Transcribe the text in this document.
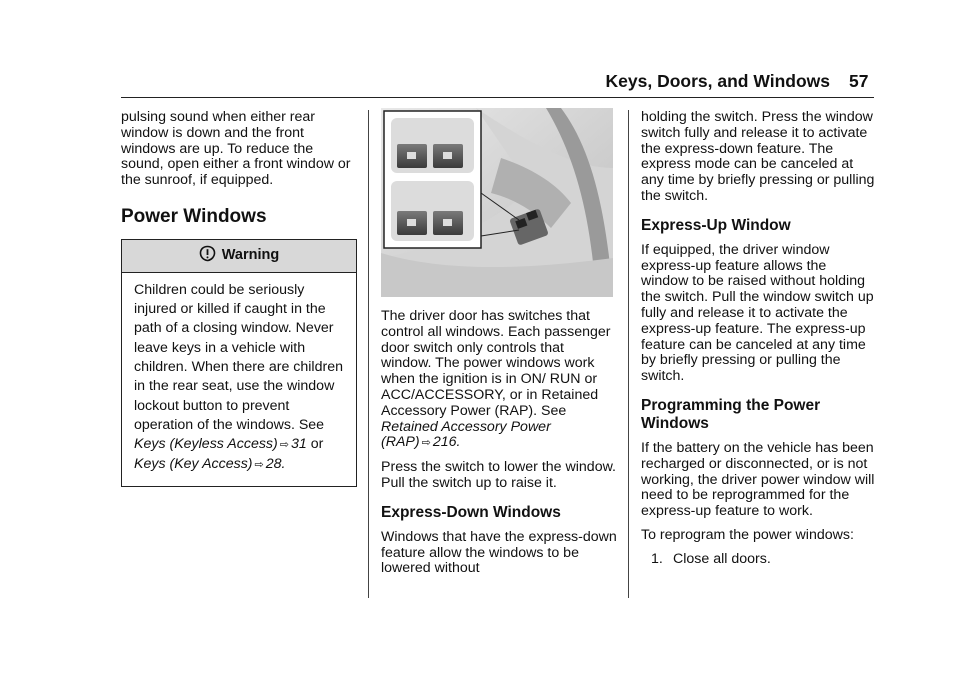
Keys, Doors, and Windows 57

pulsing sound when either rear window is down and the front windows are up. To reduce the sound, open either a front window or the sunroof, if equipped.

Power Windows
Warning
Children could be seriously injured or killed if caught in the path of a closing window. Never leave keys in a vehicle with children. When there are children in the rear seat, use the window lockout button to prevent operation of the windows. See Keys (Keyless Access) ⇨ 31 or Keys (Key Access) ⇨ 28.

The driver door has switches that control all windows. Each passenger door switch only controls that window. The power windows work when the ignition is in ON/ RUN or ACC/ACCESSORY, or in Retained Accessory Power (RAP). See Retained Accessory Power (RAP) ⇨ 216.

Press the switch to lower the window. Pull the switch up to raise it.

Express-Down Windows

Windows that have the express-down feature allow the windows to be lowered without

holding the switch. Press the window switch fully and release it to activate the express-down feature. The express mode can be canceled at any time by briefly pressing or pulling the switch.

Express-Up Window

If equipped, the driver window express-up feature allows the window to be raised without holding the switch. Pull the window switch up fully and release it to activate the express-up feature. The express-up feature can be canceled at any time by briefly pressing or pulling the switch.

Programming the Power Windows

If the battery on the vehicle has been recharged or disconnected, or is not working, the driver power window will need to be reprogrammed for the express-up feature to work.

To reprogram the power windows:

1. Close all doors.
